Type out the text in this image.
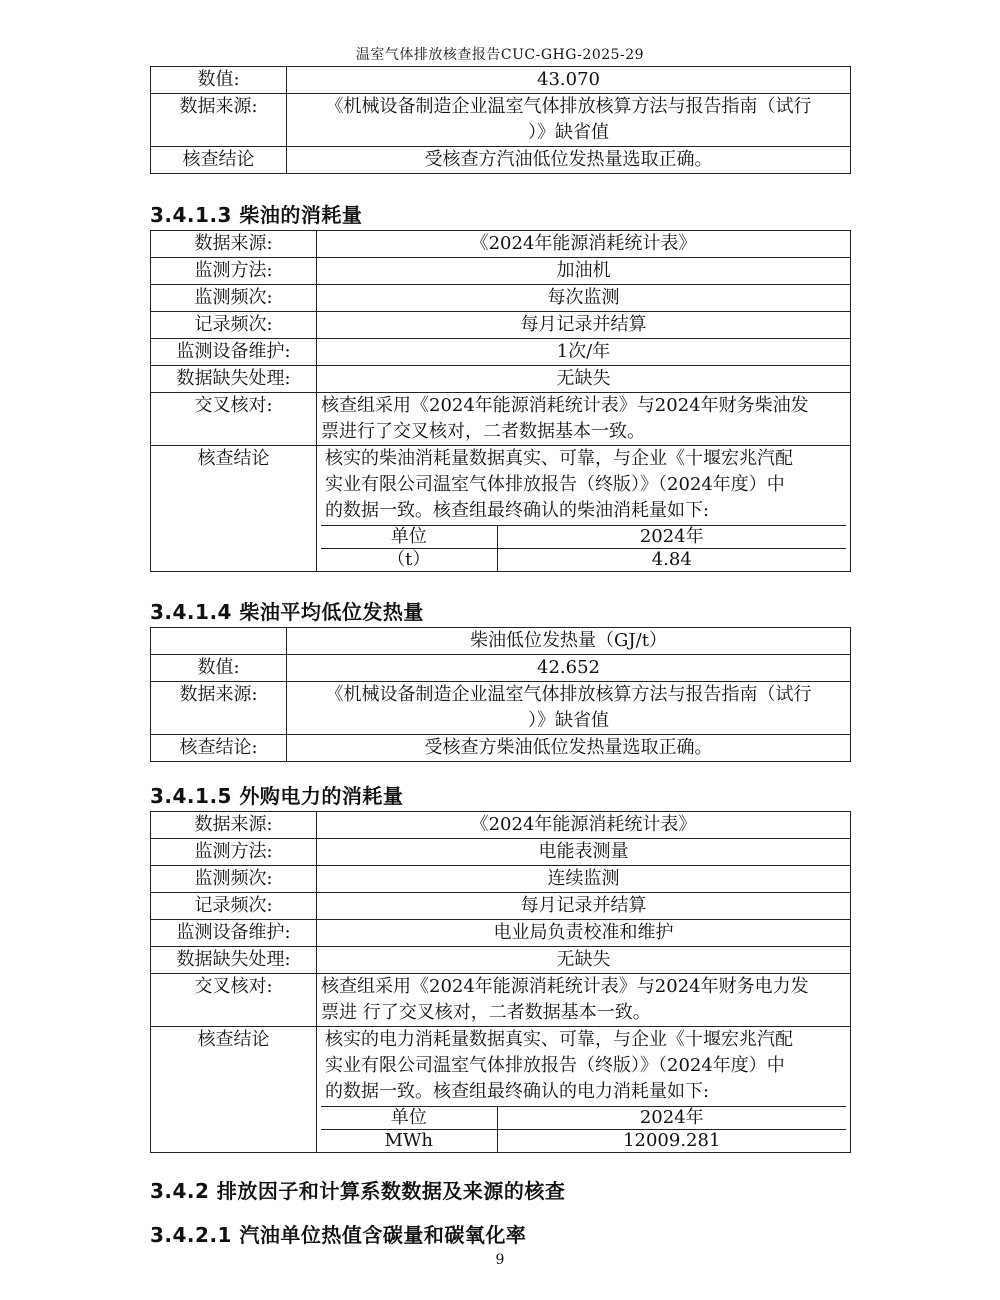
温室气体排放核查报告CUC-GHG-2025-29
数值:	43.070
数据来源:	《机械设备制造企业温室气体排放核算方法与报告指南（试行
）》缺省值

核查结论	受核查方汽油低位发热量选取正确。
3.4.1.3 柴油的消耗量
数据来源:	《2024年能源消耗统计表》
监测方法:	加油机
监测频次:	每次监测
记录频次:	每月记录并结算
监测设备维护:	1次/年
数据缺失处理:	无缺失
交叉核对:	核查组采用《2024年能源消耗统计表》与2024年财务柴油发
票进行了交叉核对，二者数据基本一致。

核查结论	核实的柴油消耗量数据真实、可靠，与企业《十堰宏兆汽配
实业有限公司温室气体排放报告（终版）》（2024年度）中
的数据一致。核查组最终确认的柴油消耗量如下:
单位	2024年
（t）	4.84
3.4.1.4 柴油平均低位发热量
	柴油低位发热量（GJ/t）
数值:	42.652
数据来源:	《机械设备制造企业温室气体排放核算方法与报告指南（试行
）》缺省值

核查结论:	受核查方柴油低位发热量选取正确。
3.4.1.5 外购电力的消耗量
数据来源:	《2024年能源消耗统计表》
监测方法:	电能表测量
监测频次:	连续监测
记录频次:	每月记录并结算
监测设备维护:	电业局负责校准和维护
数据缺失处理:	无缺失
交叉核对:	核查组采用《2024年能源消耗统计表》与2024年财务电力发
票进 行了交叉核对，二者数据基本一致。

核查结论	核实的电力消耗量数据真实、可靠，与企业《十堰宏兆汽配
实业有限公司温室气体排放报告（终版）》（2024年度）中
的数据一致。核查组最终确认的电力消耗量如下:
单位	2024年
MWh	12009.281
3.4.2 排放因子和计算系数数据及来源的核查
3.4.2.1 汽油单位热值含碳量和碳氧化率
9
